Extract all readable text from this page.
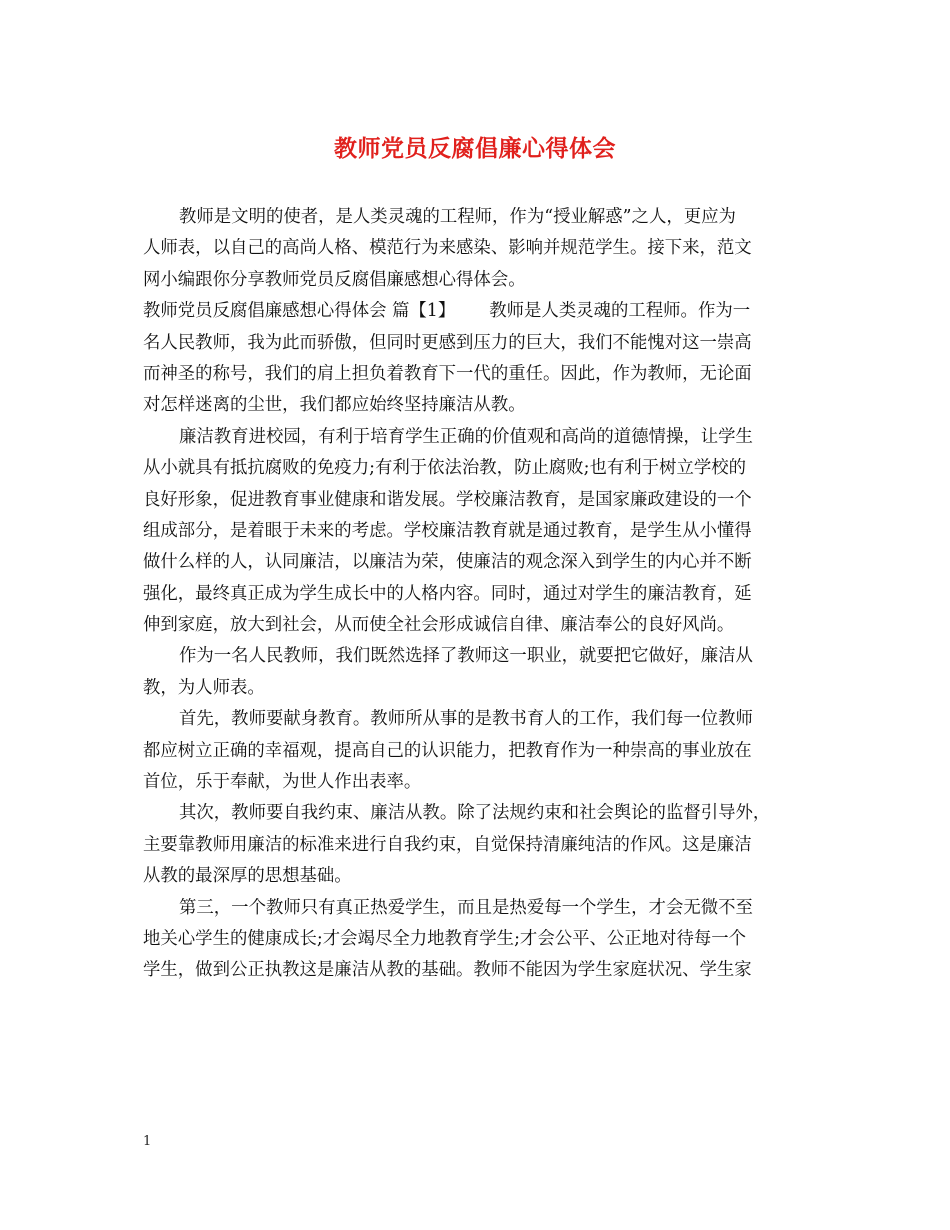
教师党员反腐倡廉心得体会
教师是文明的使者，是人类灵魂的工程师，作为“授业解惑”之人，更应为
人师表，以自己的高尚人格、模范行为来感染、影响并规范学生。接下来，范文
网小编跟你分享教师党员反腐倡廉感想心得体会。
教师党员反腐倡廉感想心得体会 篇【1】 教师是人类灵魂的工程师。作为一
名人民教师，我为此而骄傲，但同时更感到压力的巨大，我们不能愧对这一崇高
而神圣的称号，我们的肩上担负着教育下一代的重任。因此，作为教师，无论面
对怎样迷离的尘世，我们都应始终坚持廉洁从教。
廉洁教育进校园，有利于培育学生正确的价值观和高尚的道德情操，让学生
从小就具有抵抗腐败的免疫力;有利于依法治教，防止腐败;也有利于树立学校的
良好形象，促进教育事业健康和谐发展。学校廉洁教育，是国家廉政建设的一个
组成部分，是着眼于未来的考虑。学校廉洁教育就是通过教育，是学生从小懂得
做什么样的人，认同廉洁，以廉洁为荣，使廉洁的观念深入到学生的内心并不断
强化，最终真正成为学生成长中的人格内容。同时，通过对学生的廉洁教育，延
伸到家庭，放大到社会，从而使全社会形成诚信自律、廉洁奉公的良好风尚。
作为一名人民教师，我们既然选择了教师这一职业，就要把它做好，廉洁从
教，为人师表。
首先，教师要献身教育。教师所从事的是教书育人的工作，我们每一位教师
都应树立正确的幸福观，提高自己的认识能力，把教育作为一种崇高的事业放在
首位，乐于奉献，为世人作出表率。
其次，教师要自我约束、廉洁从教。除了法规约束和社会舆论的监督引导外，
主要靠教师用廉洁的标准来进行自我约束，自觉保持清廉纯洁的作风。这是廉洁
从教的最深厚的思想基础。
第三，一个教师只有真正热爱学生，而且是热爱每一个学生，才会无微不至
地关心学生的健康成长;才会竭尽全力地教育学生;才会公平、公正地对待每一个
学生，做到公正执教这是廉洁从教的基础。教师不能因为学生家庭状况、学生家
1
